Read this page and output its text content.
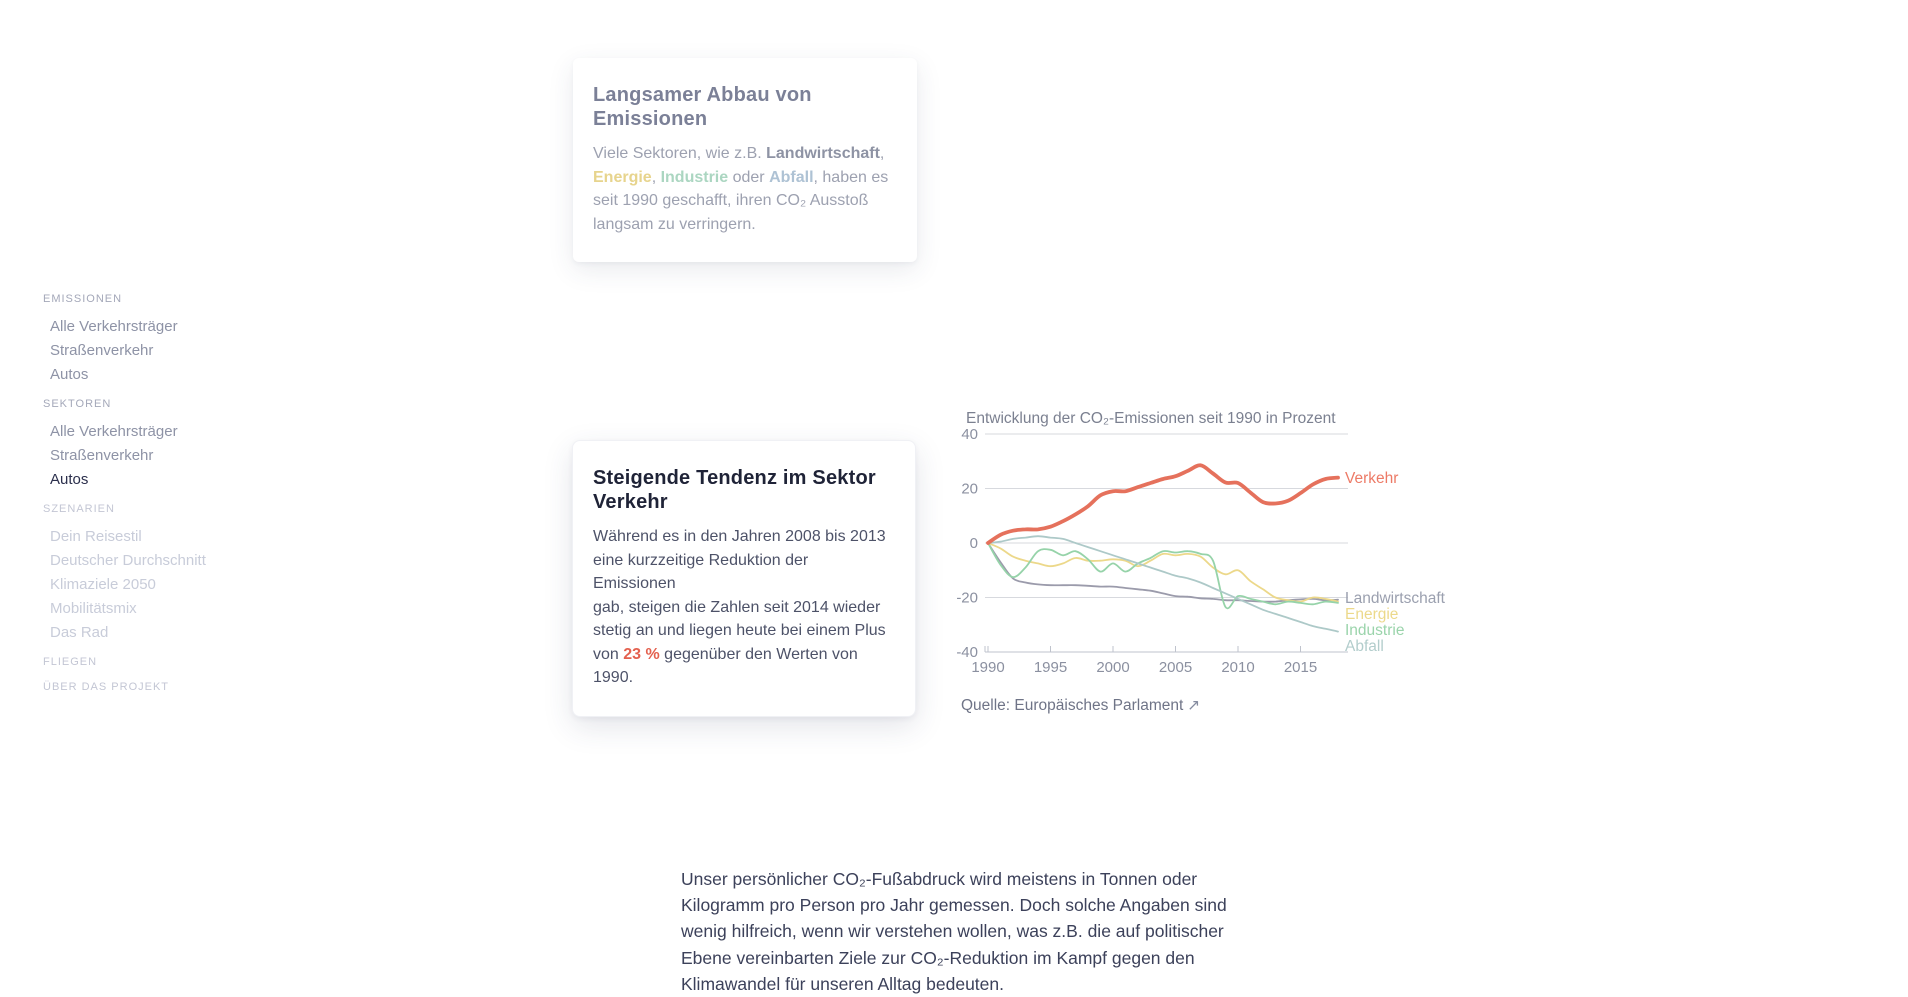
EMISSIONEN
Alle Verkehrsträger
Straßenverkehr
Autos
SEKTOREN
Alle Verkehrsträger
Straßenverkehr
Autos
SZENARIEN
Dein Reisestil
Deutscher Durchschnitt
Klimaziele 2050
Mobilitätsmix
Das Rad
FLIEGEN
ÜBER DAS PROJEKT
Langsamer Abbau von
Emissionen

Viele Sektoren, wie z.B. Landwirtschaft,
Energie, Industrie oder Abfall, haben es
seit 1990 geschafft, ihren CO₂ Ausstoß
langsam zu verringern.

Steigende Tendenz im Sektor
Verkehr

Während es in den Jahren 2008 bis 2013
eine kurzzeitige Reduktion der Emissionen
gab, steigen die Zahlen seit 2014 wieder
stetig an und liegen heute bei einem Plus
von 23 % gegenüber den Werten von 1990.

Entwicklung der CO₂-Emissionen seit 1990 in Prozent
40
20
0
-20
-40
1990 1995 2000 2005 2010 2015
Verkehr
Abfall
Industrie
Energie
Landwirtschaft
Quelle: Europäisches Parlament ↗
Unser persönlicher CO₂-Fußabdruck wird meistens in Tonnen oder
Kilogramm pro Person pro Jahr gemessen. Doch solche Angaben sind
wenig hilfreich, wenn wir verstehen wollen, was z.B. die auf politischer
Ebene vereinbarten Ziele zur CO₂-Reduktion im Kampf gegen den
Klimawandel für unseren Alltag bedeuten.
